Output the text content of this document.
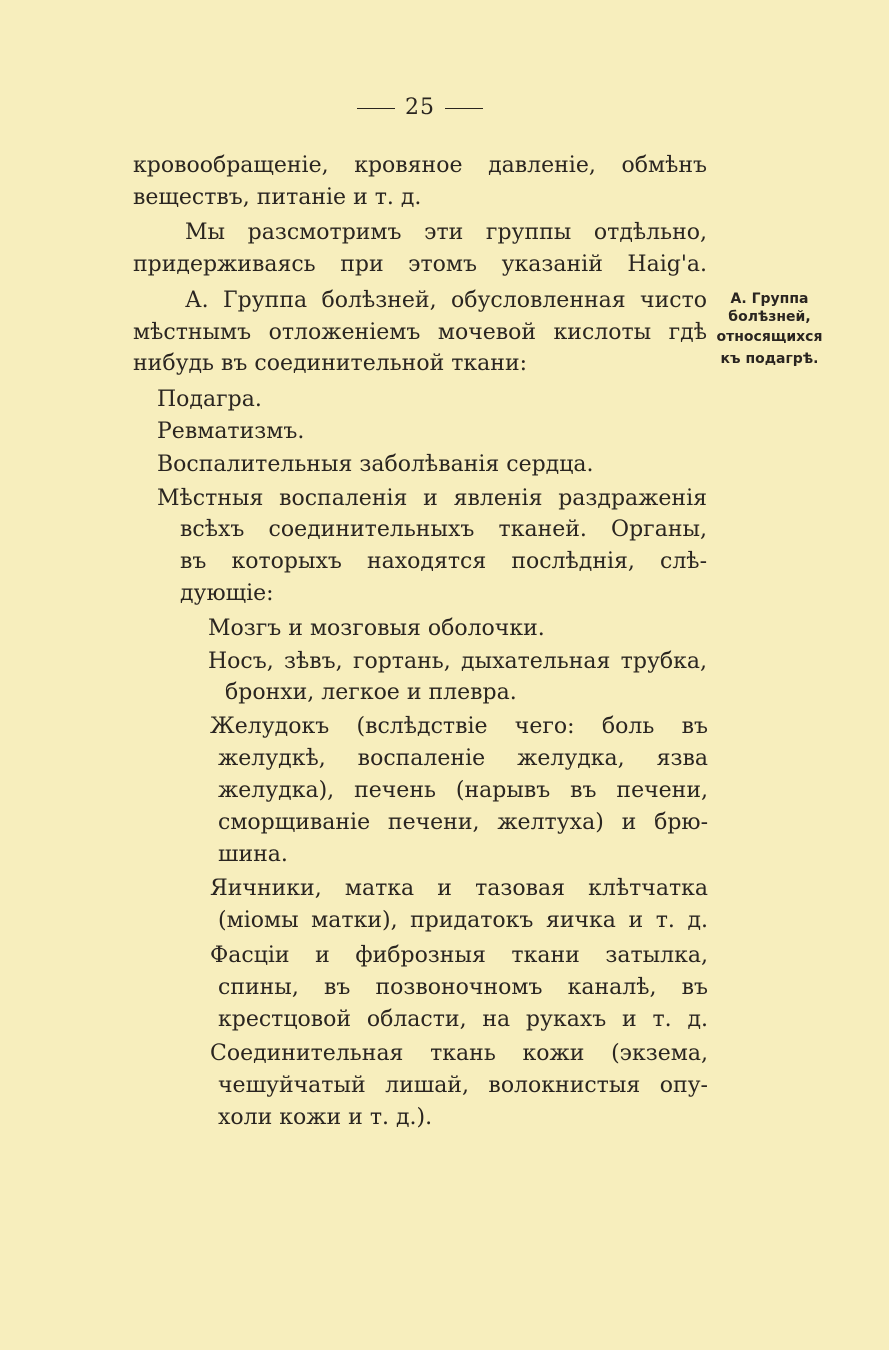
25
кровообращеніе, кровяное давленіе, обмѣнъ
веществъ, питаніе и т. д.
Мы разсмотримъ эти группы отдѣльно,
придерживаясь при этомъ указаній Haig'а.
А. Группа болѣзней, обусловленная чисто
мѣстнымъ отложеніемъ мочевой кислоты гдѣ
нибудь въ соединительной ткани:
Подагра.
Ревматизмъ.
Воспалительныя заболѣванія сердца.
Мѣстныя воспаленія и явленія раздраженія
всѣхъ соединительныхъ тканей. Органы,
въ которыхъ находятся послѣднія, слѣ-
дующіе:
Мозгъ и мозговыя оболочки.
Носъ, зѣвъ, гортань, дыхательная трубка,
бронхи, легкое и плевра.
Желудокъ (вслѣдствіе чего: боль въ
желудкѣ, воспаленіе желудка, язва
желудка), печень (нарывъ въ печени,
сморщиваніе печени, желтуха) и брю-
шина.
Яичники, матка и тазовая клѣтчатка
(міомы матки), придатокъ яичка и т. д.
Фасціи и фиброзныя ткани затылка,
спины, въ позвоночномъ каналѣ, въ
крестцовой области, на рукахъ и т. д.
Соединительная ткань кожи (экзема,
чешуйчатый лишай, волокнистыя опу-
холи кожи и т. д.).
А. Группа
болѣзней,
относящихся
къ подагрѣ.
